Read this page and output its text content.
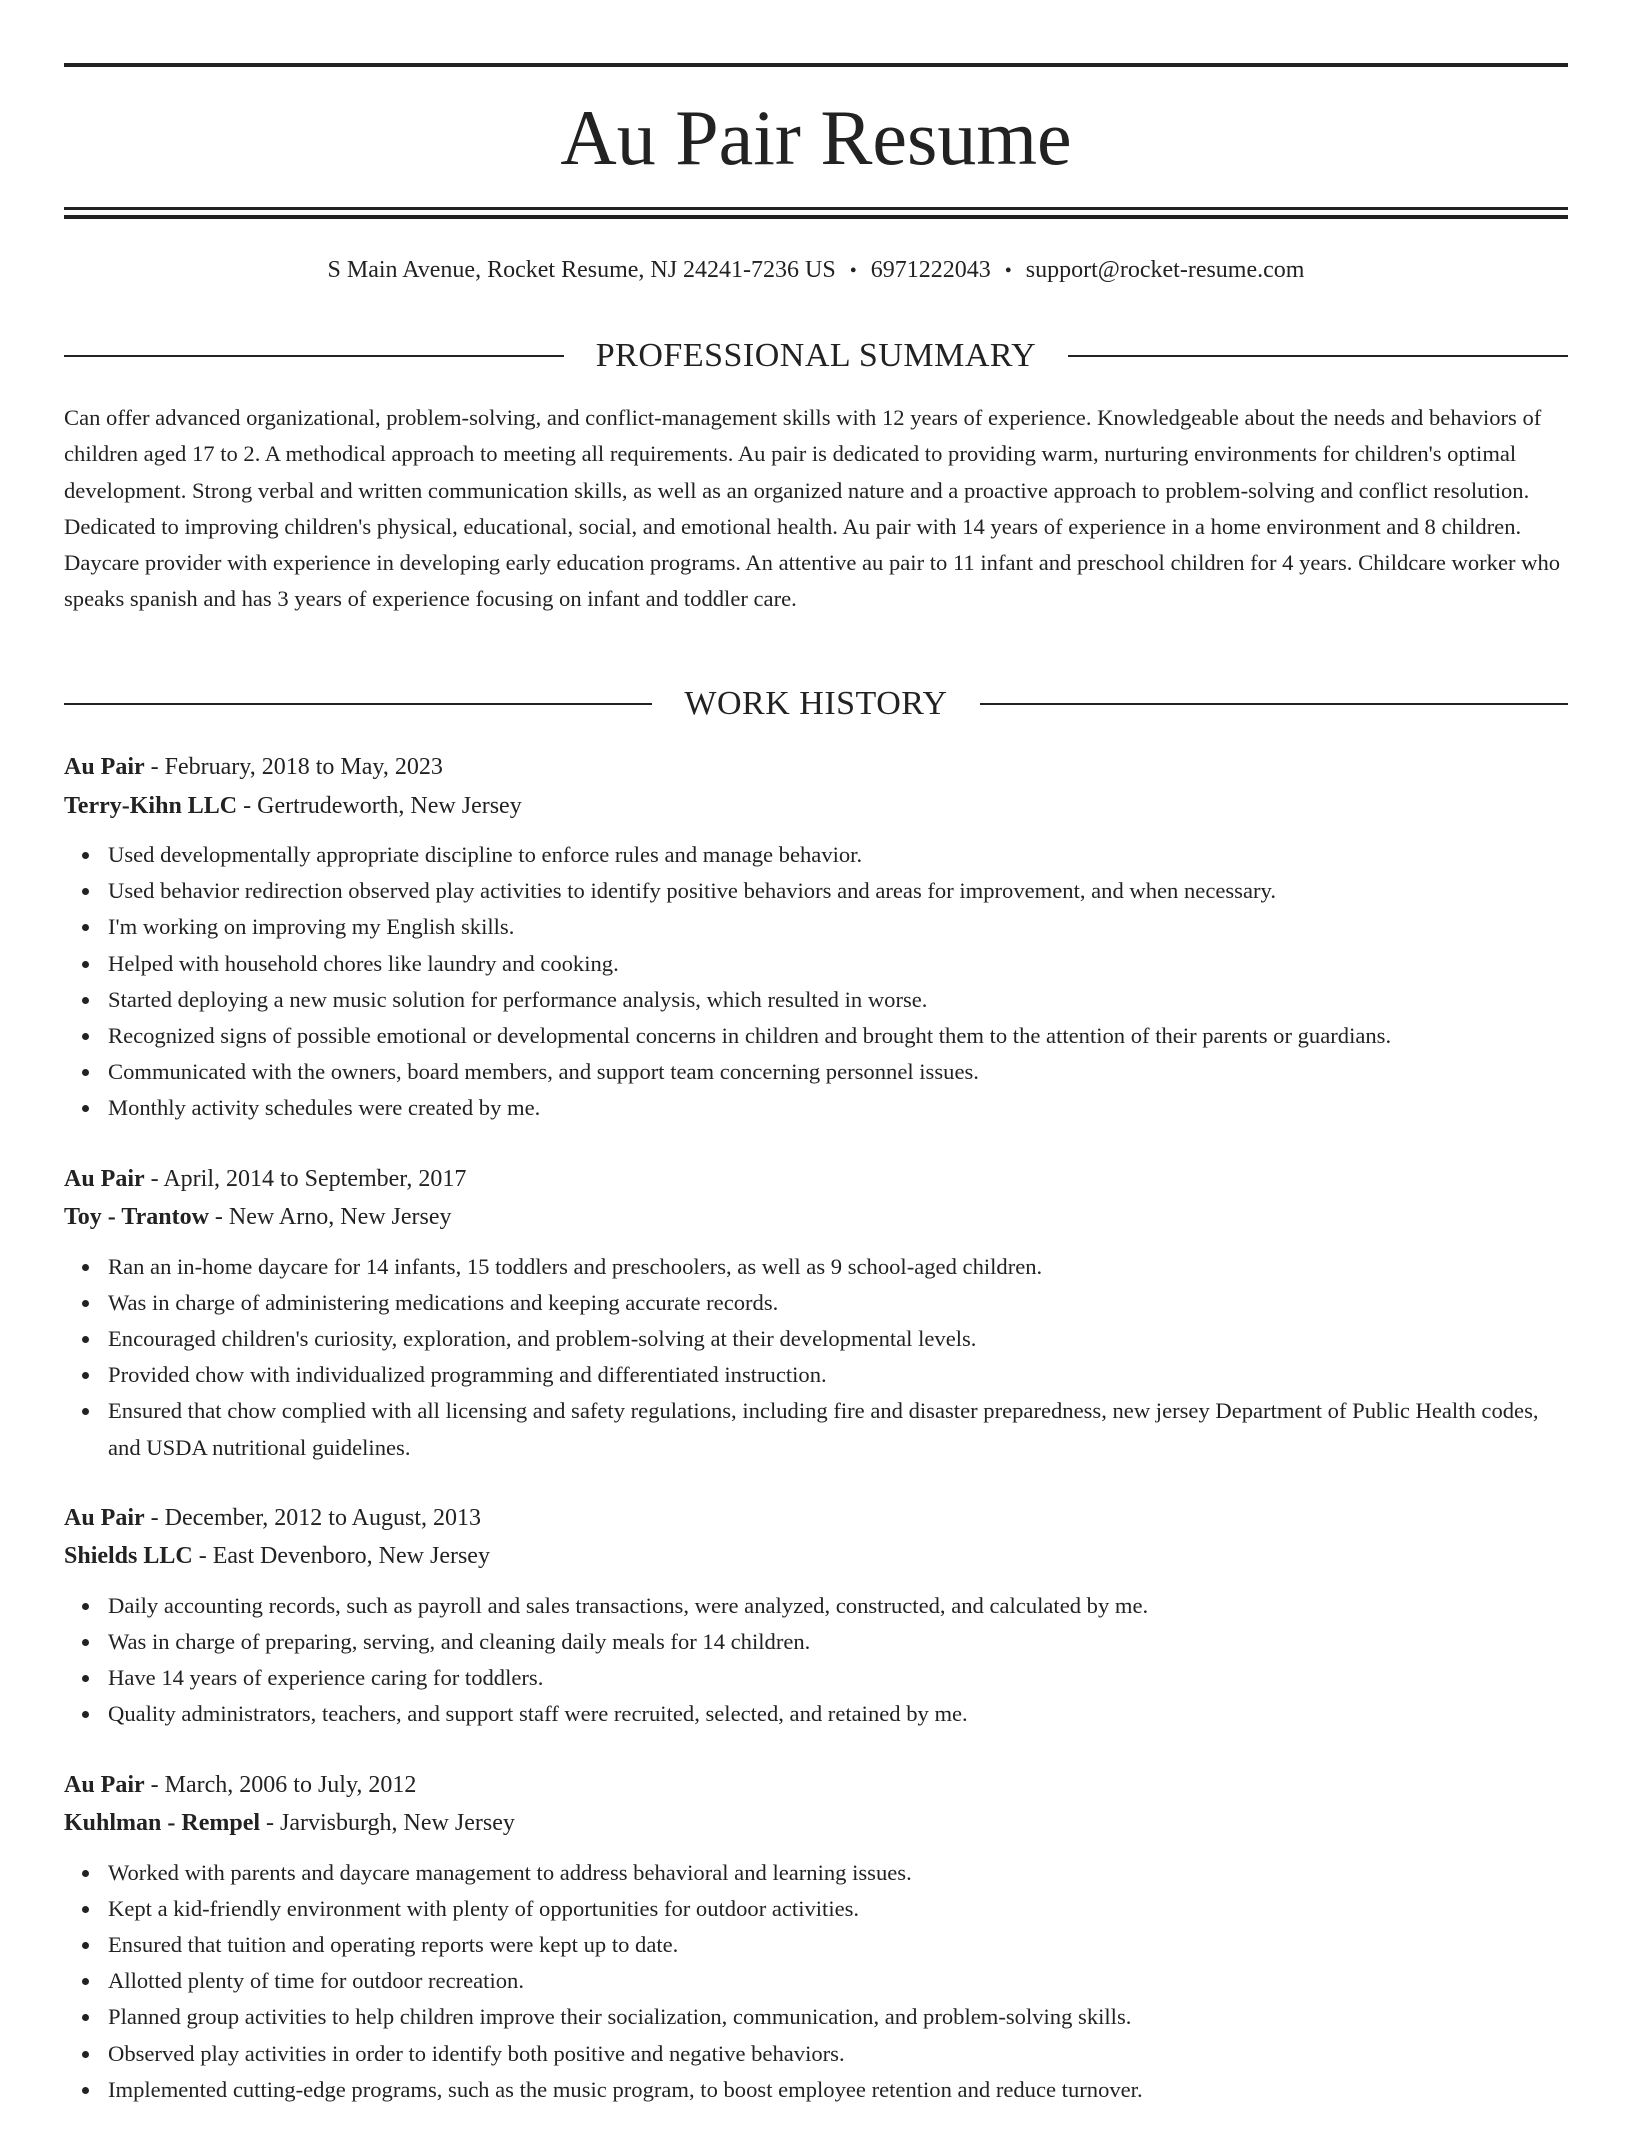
Au Pair Resume
S Main Avenue, Rocket Resume, NJ 24241-7236 US • 6971222043 • support@rocket-resume.com
PROFESSIONAL SUMMARY

Can offer advanced organizational, problem-solving, and conflict-management skills with 12 years of experience. Knowledgeable about the needs and behaviors of children aged 17 to 2. A methodical approach to meeting all requirements. Au pair is dedicated to providing warm, nurturing environments for children's optimal development. Strong verbal and written communication skills, as well as an organized nature and a proactive approach to problem-solving and conflict resolution. Dedicated to improving children's physical, educational, social, and emotional health. Au pair with 14 years of experience in a home environment and 8 children. Daycare provider with experience in developing early education programs. An attentive au pair to 11 infant and preschool children for 4 years. Childcare worker who speaks spanish and has 3 years of experience focusing on infant and toddler care.

WORK HISTORY
Au Pair - February, 2018 to May, 2023
Terry-Kihn LLC - Gertrudeworth, New Jersey
Used developmentally appropriate discipline to enforce rules and manage behavior.
Used behavior redirection observed play activities to identify positive behaviors and areas for improvement, and when necessary.
I'm working on improving my English skills.
Helped with household chores like laundry and cooking.
Started deploying a new music solution for performance analysis, which resulted in worse.
Recognized signs of possible emotional or developmental concerns in children and brought them to the attention of their parents or guardians.
Communicated with the owners, board members, and support team concerning personnel issues.
Monthly activity schedules were created by me.
Au Pair - April, 2014 to September, 2017
Toy - Trantow - New Arno, New Jersey
Ran an in-home daycare for 14 infants, 15 toddlers and preschoolers, as well as 9 school-aged children.
Was in charge of administering medications and keeping accurate records.
Encouraged children's curiosity, exploration, and problem-solving at their developmental levels.
Provided chow with individualized programming and differentiated instruction.
Ensured that chow complied with all licensing and safety regulations, including fire and disaster preparedness, new jersey Department of Public Health codes, and USDA nutritional guidelines.
Au Pair - December, 2012 to August, 2013
Shields LLC - East Devenboro, New Jersey
Daily accounting records, such as payroll and sales transactions, were analyzed, constructed, and calculated by me.
Was in charge of preparing, serving, and cleaning daily meals for 14 children.
Have 14 years of experience caring for toddlers.
Quality administrators, teachers, and support staff were recruited, selected, and retained by me.
Au Pair - March, 2006 to July, 2012
Kuhlman - Rempel - Jarvisburgh, New Jersey
Worked with parents and daycare management to address behavioral and learning issues.
Kept a kid-friendly environment with plenty of opportunities for outdoor activities.
Ensured that tuition and operating reports were kept up to date.
Allotted plenty of time for outdoor recreation.
Planned group activities to help children improve their socialization, communication, and problem-solving skills.
Observed play activities in order to identify both positive and negative behaviors.
Implemented cutting-edge programs, such as the music program, to boost employee retention and reduce turnover.
